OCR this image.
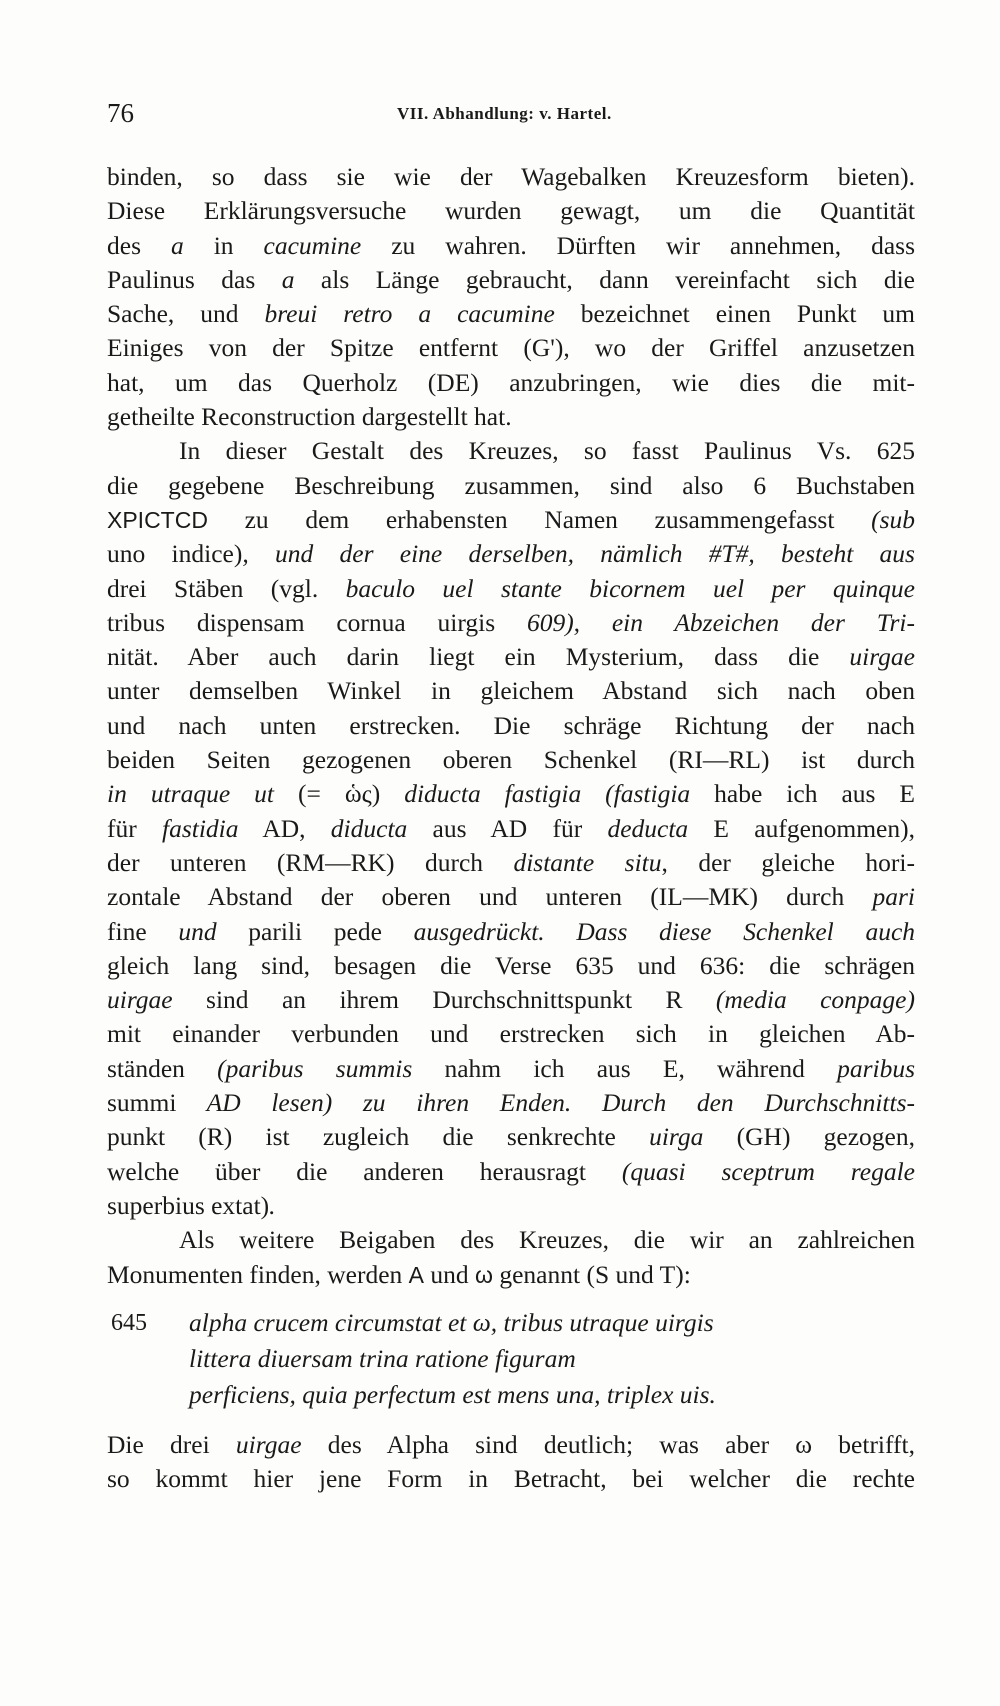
76	VII. Abhandlung: v. Hartel.
binden, so dass sie wie der Wagebalken Kreuzesform bieten).
Diese Erklärungsversuche wurden gewagt, um die Quantität
des a in cacumine zu wahren. Dürften wir annehmen, dass
Paulinus das a als Länge gebraucht, dann vereinfacht sich die
Sache, und breui retro a cacumine bezeichnet einen Punkt um
Einiges von der Spitze entfernt (G'), wo der Griffel anzusetzen
hat, um das Querholz (DE) anzubringen, wie dies die mit-
getheilte Reconstruction dargestellt hat.
In dieser Gestalt des Kreuzes, so fasst Paulinus Vs. 625
die gegebene Beschreibung zusammen, sind also 6 Buchstaben
XPICTCD zu dem erhabensten Namen zusammengefasst (sub
uno indice), und der eine derselben, nämlich #T#, besteht aus
drei Stäben (vgl. baculo uel stante bicornem uel per quinque
tribus dispensam cornua uirgis 609), ein Abzeichen der Tri-
nität. Aber auch darin liegt ein Mysterium, dass die uirgae
unter demselben Winkel in gleichem Abstand sich nach oben
und nach unten erstrecken. Die schräge Richtung der nach
beiden Seiten gezogenen oberen Schenkel (RI—RL) ist durch
in utraque ut (= ὡς) diducta fastigia (fastigia habe ich aus E
für fastidia AD, diducta aus AD für deducta E aufgenommen),
der unteren (RM—RK) durch distante situ, der gleiche hori-
zontale Abstand der oberen und unteren (IL—MK) durch pari
fine und parili pede ausgedrückt. Dass diese Schenkel auch
gleich lang sind, besagen die Verse 635 und 636: die schrägen
uirgae sind an ihrem Durchschnittspunkt R (media conpage)
mit einander verbunden und erstrecken sich in gleichen Ab-
ständen (paribus summis nahm ich aus E, während paribus
summi AD lesen) zu ihren Enden. Durch den Durchschnitts-
punkt (R) ist zugleich die senkrechte uirga (GH) gezogen,
welche über die anderen herausragt (quasi sceptrum regale
superbius extat).
Als weitere Beigaben des Kreuzes, die wir an zahlreichen
Monumenten finden, werden A und ω genannt (S und T):
645	alpha crucem circumstat et ω, tribus utraque uirgis
littera diuersam trina ratione figuram
perficiens, quia perfectum est mens una, triplex uis.
Die drei uirgae des Alpha sind deutlich; was aber ω betrifft,
so kommt hier jene Form in Betracht, bei welcher die rechte
